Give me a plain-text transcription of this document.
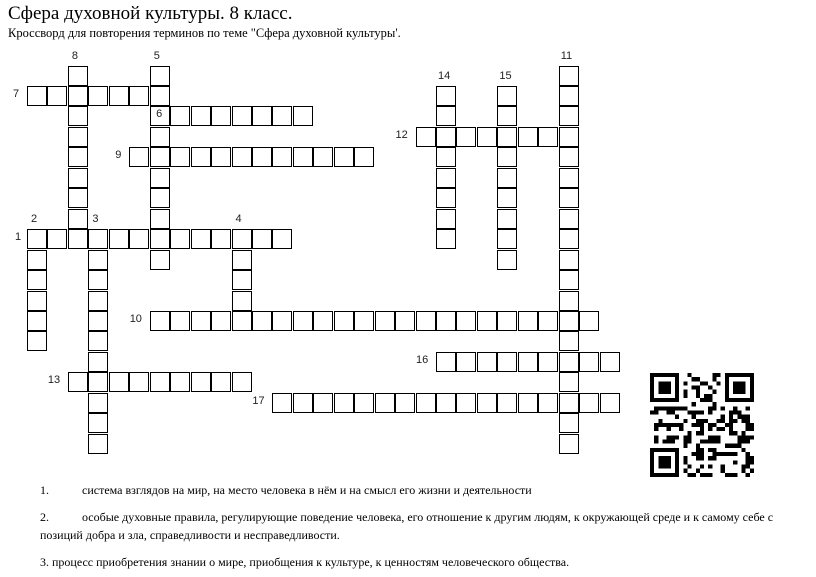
Сфера духовной культуры. 8 класс.
Кроссворд для повторения терминов по теме "Сфера духовной культуры'.
1
2	3	4
5
6
7
8
9
10
11
12
13
14	15
16
17
1.	система взглядов на мир, на место человека в нём и на смысл его жизни и деятельности
2.	особые духовные правила, регулирующие поведение человека, его отношение к другим людям, к окружающей среде и к самому себе с
позиций добра и зла, справедливости и несправедливости.
3. процесс приобретения знании о мире, приобщения к культуре, к ценностям человеческого общества.
